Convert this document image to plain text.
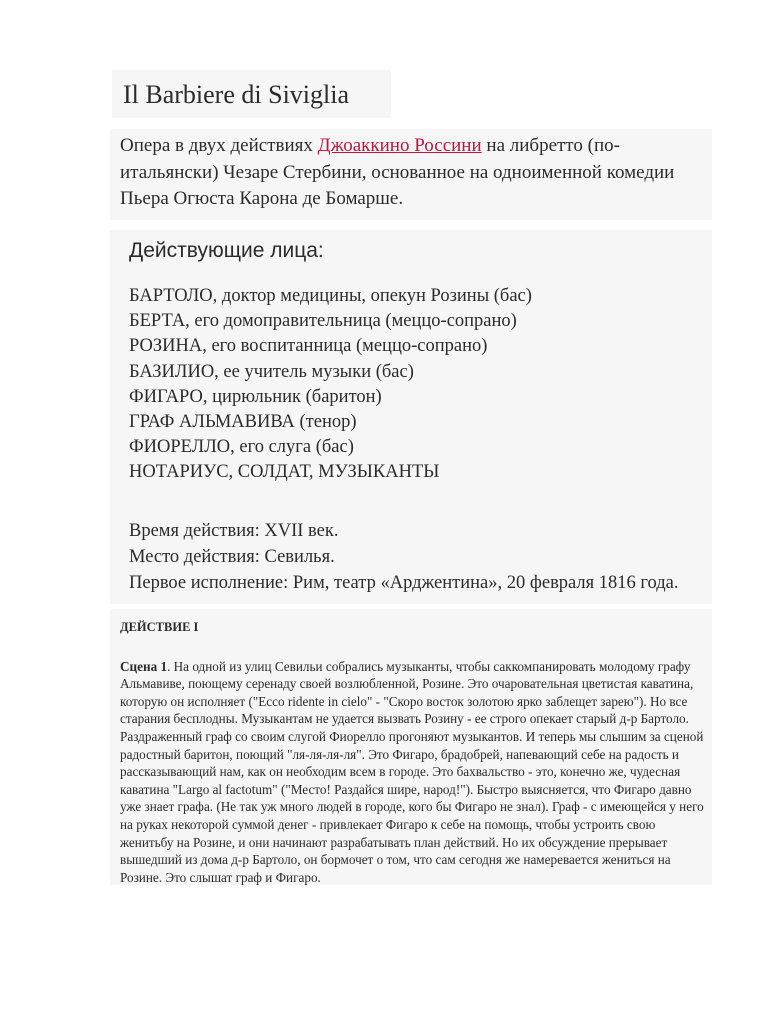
Il Barbiere di Siviglia
Опера в двух действиях Джоаккино Россини на либретто (по-итальянски) Чезаре Стербини, основанное на одноименной комедии Пьера Огюста Карона де Бомарше.
Действующие лица:
БАРТОЛО, доктор медицины, опекун Розины (бас)
БЕРТА, его домоправительница (меццо-сопрано)
РОЗИНА, его воспитанница (меццо-сопрано)
БАЗИЛИО, ее учитель музыки (бас)
ФИГАРО, цирюльник (баритон)
ГРАФ АЛЬМАВИВА (тенор)
ФИОРЕЛЛО, его слуга (бас)
НОТАРИУС, СОЛДАТ, МУЗЫКАНТЫ
Время действия: XVII век.
Место действия: Севилья.
Первое исполнение: Рим, театр «Арджентина», 20 февраля 1816 года.
ДЕЙСТВИЕ I
Сцена 1. На одной из улиц Севильи собрались музыканты, чтобы саккомпанировать молодому графу Альмавиве, поющему серенаду своей возлюбленной, Розине. Это очаровательная цветистая каватина, которую он исполняет ("Ecco ridente in cielo" - "Скоро восток золотою ярко заблещет зарею"). Но все старания бесплодны. Музыкантам не удается вызвать Розину - ее строго опекает старый д-р Бартоло. Раздраженный граф со своим слугой Фиорелло прогоняют музыкантов. И теперь мы слышим за сценой радостный баритон, поющий "ля-ля-ля-ля". Это Фигаро, брадобрей, напевающий себе на радость и рассказывающий нам, как он необходим всем в городе. Это бахвальство - это, конечно же, чудесная каватина "Largo al factotum" ("Место! Раздайся шире, народ!"). Быстро выясняется, что Фигаро давно уже знает графа. (Не так уж много людей в городе, кого бы Фигаро не знал). Граф - с имеющейся у него на руках некоторой суммой денег - привлекает Фигаро к себе на помощь, чтобы устроить свою женитьбу на Розине, и они начинают разрабатывать план действий. Но их обсуждение прерывает вышедший из дома д-р Бартоло, он бормочет о том, что сам сегодня же намеревается жениться на Розине. Это слышат граф и Фигаро.
